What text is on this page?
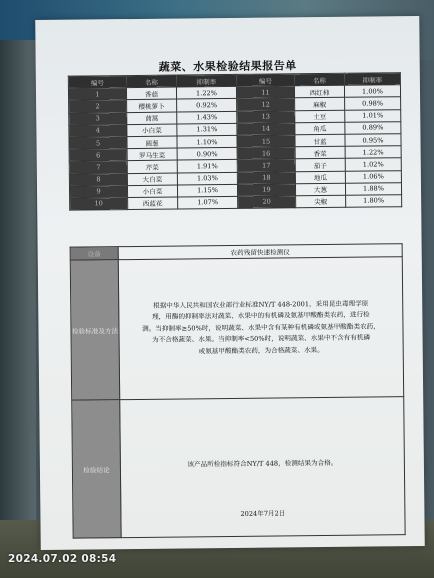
蔬菜、水果检验结果报告单
编号	名称	抑制率	编号	名称	抑制率
1	香菇	1.22%	11	西红柿	1.00%
2	樱桃萝卜	0.92%	12	麻椒	0.98%
3	茼蒿	1.43%	13	土豆	1.01%
4	小白菜	1.31%	14	角瓜	0.89%
5	圆葱	1.10%	15	甘蓝	0.95%
6	罗马生菜	0.90%	16	香菜	1.22%
7	芹菜	1.91%	17	茄子	1.02%
8	大白菜	1.03%	18	地瓜	1.06%
9	小白菜	1.15%	19	大葱	1.88%
10	西蓝花	1.07%	20	尖椒	1.80%
设备	农药残留快速检测仪
检验标准及方法	根据中华人民共和国农业部行业标准NY/T 448-2001，采用昆虫毒理学原
理，用酶的抑制率法对蔬菜、水果中的有机磷及氨基甲酸酯类农药，进行检
测。当抑制率≥50%时，说明蔬菜、水果中含有某种有机磷或氨基甲酸酯类农药，
为不合格蔬菜、水果。当抑制率<50%时，说明蔬菜、水果中不含有有机磷
或氨基甲酸酯类农药，为合格蔬菜、水果。

检验结论	该产品所检指标符合NY/T 448，检测结果为合格。
2024年7月2日
2024.07.02 08:54
